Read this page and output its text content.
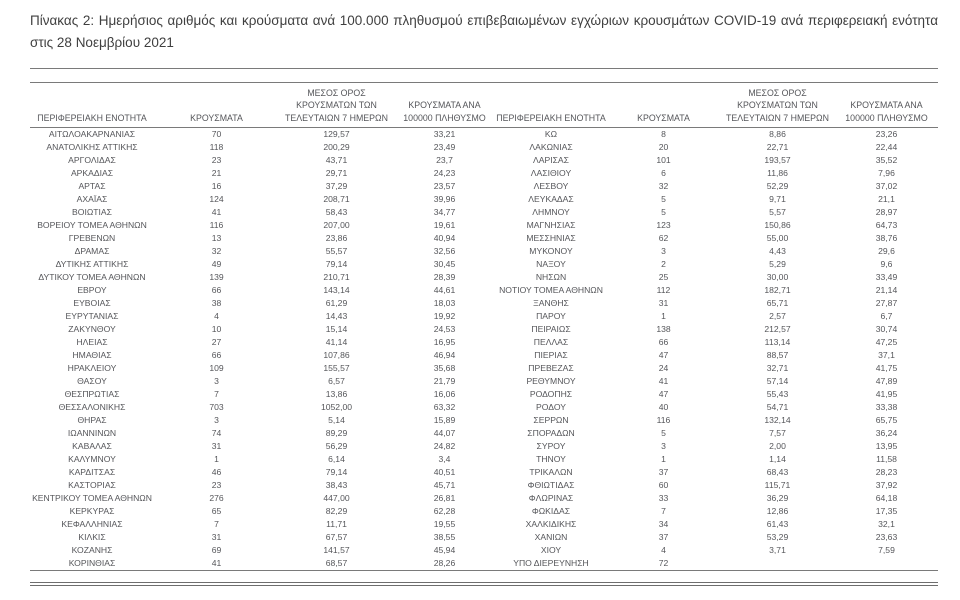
Πίνακας 2: Ημερήσιος αριθμός και κρούσματα ανά 100.000 πληθυσμού επιβεβαιωμένων εγχώριων κρουσμάτων COVID-19 ανά περιφερειακή ενότητα στις 28 Νοεμβρίου 2021
ΠΕΡΙΦΕΡΕΙΑΚΗ ΕΝΟΤΗΤΑ	ΚΡΟΥΣΜΑΤΑ	ΜΕΣΟΣ ΟΡΟΣ ΚΡΟΥΣΜΑΤΩΝ ΤΩΝ ΤΕΛΕΥΤΑΙΩΝ 7 ΗΜΕΡΩΝ	ΚΡΟΥΣΜΑΤΑ ΑΝΑ 100000 ΠΛΗΘΥΣΜΟ	ΠΕΡΙΦΕΡΕΙΑΚΗ ΕΝΟΤΗΤΑ	ΚΡΟΥΣΜΑΤΑ	ΜΕΣΟΣ ΟΡΟΣ ΚΡΟΥΣΜΑΤΩΝ ΤΩΝ ΤΕΛΕΥΤΑΙΩΝ 7 ΗΜΕΡΩΝ	ΚΡΟΥΣΜΑΤΑ ΑΝΑ 100000 ΠΛΗΘΥΣΜΟ

ΑΙΤΩΛΟΑΚΑΡΝΑΝΙΑΣ	70	129,57	33,21	ΚΩ	8	8,86	23,26
ΑΝΑΤΟΛΙΚΗΣ ΑΤΤΙΚΗΣ	118	200,29	23,49	ΛΑΚΩΝΙΑΣ	20	22,71	22,44
ΑΡΓΟΛΙΔΑΣ	23	43,71	23,7	ΛΑΡΙΣΑΣ	101	193,57	35,52
ΑΡΚΑΔΙΑΣ	21	29,71	24,23	ΛΑΣΙΘΙΟΥ	6	11,86	7,96
ΑΡΤΑΣ	16	37,29	23,57	ΛΕΣΒΟΥ	32	52,29	37,02
ΑΧΑΪΑΣ	124	208,71	39,96	ΛΕΥΚΑΔΑΣ	5	9,71	21,1
ΒΟΙΩΤΙΑΣ	41	58,43	34,77	ΛΗΜΝΟΥ	5	5,57	28,97
ΒΟΡΕΙΟΥ ΤΟΜΕΑ ΑΘΗΝΩΝ	116	207,00	19,61	ΜΑΓΝΗΣΙΑΣ	123	150,86	64,73
ΓΡΕΒΕΝΩΝ	13	23,86	40,94	ΜΕΣΣΗΝΙΑΣ	62	55,00	38,76
ΔΡΑΜΑΣ	32	55,57	32,56	ΜΥΚΟΝΟΥ	3	4,43	29,6
ΔΥΤΙΚΗΣ ΑΤΤΙΚΗΣ	49	79,14	30,45	ΝΑΞΟΥ	2	5,29	9,6
ΔΥΤΙΚΟΥ ΤΟΜΕΑ ΑΘΗΝΩΝ	139	210,71	28,39	ΝΗΣΩΝ	25	30,00	33,49
ΕΒΡΟΥ	66	143,14	44,61	ΝΟΤΙΟΥ ΤΟΜΕΑ ΑΘΗΝΩΝ	112	182,71	21,14
ΕΥΒΟΙΑΣ	38	61,29	18,03	ΞΑΝΘΗΣ	31	65,71	27,87
ΕΥΡΥΤΑΝΙΑΣ	4	14,43	19,92	ΠΑΡΟΥ	1	2,57	6,7
ΖΑΚΥΝΘΟΥ	10	15,14	24,53	ΠΕΙΡΑΙΩΣ	138	212,57	30,74
ΗΛΕΙΑΣ	27	41,14	16,95	ΠΕΛΛΑΣ	66	113,14	47,25
ΗΜΑΘΙΑΣ	66	107,86	46,94	ΠΙΕΡΙΑΣ	47	88,57	37,1
ΗΡΑΚΛΕΙΟΥ	109	155,57	35,68	ΠΡΕΒΕΖΑΣ	24	32,71	41,75
ΘΑΣΟΥ	3	6,57	21,79	ΡΕΘΥΜΝΟΥ	41	57,14	47,89
ΘΕΣΠΡΩΤΙΑΣ	7	13,86	16,06	ΡΟΔΟΠΗΣ	47	55,43	41,95
ΘΕΣΣΑΛΟΝΙΚΗΣ	703	1052,00	63,32	ΡΟΔΟΥ	40	54,71	33,38
ΘΗΡΑΣ	3	5,14	15,89	ΣΕΡΡΩΝ	116	132,14	65,75
ΙΩΑΝΝΙΝΩΝ	74	89,29	44,07	ΣΠΟΡΑΔΩΝ	5	7,57	36,24
ΚΑΒΑΛΑΣ	31	56,29	24,82	ΣΥΡΟΥ	3	2,00	13,95
ΚΑΛΥΜΝΟΥ	1	6,14	3,4	ΤΗΝΟΥ	1	1,14	11,58
ΚΑΡΔΙΤΣΑΣ	46	79,14	40,51	ΤΡΙΚΑΛΩΝ	37	68,43	28,23
ΚΑΣΤΟΡΙΑΣ	23	38,43	45,71	ΦΘΙΩΤΙΔΑΣ	60	115,71	37,92
ΚΕΝΤΡΙΚΟΥ ΤΟΜΕΑ ΑΘΗΝΩΝ	276	447,00	26,81	ΦΛΩΡΙΝΑΣ	33	36,29	64,18
ΚΕΡΚΥΡΑΣ	65	82,29	62,28	ΦΩΚΙΔΑΣ	7	12,86	17,35
ΚΕΦΑΛΛΗΝΙΑΣ	7	11,71	19,55	ΧΑΛΚΙΔΙΚΗΣ	34	61,43	32,1
ΚΙΛΚΙΣ	31	67,57	38,55	ΧΑΝΙΩΝ	37	53,29	23,63
ΚΟΖΑΝΗΣ	69	141,57	45,94	ΧΙΟΥ	4	3,71	7,59
ΚΟΡΙΝΘΙΑΣ	41	68,57	28,26	ΥΠΟ ΔΙΕΡΕΥΝΗΣΗ	72		
